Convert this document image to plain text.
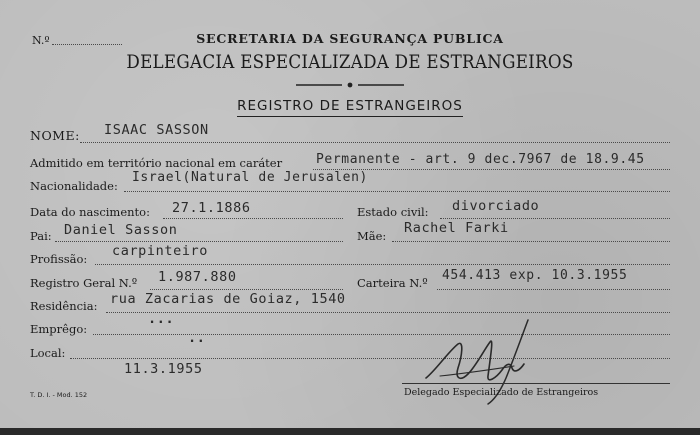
N.º	SECRETARIA DA SEGURANÇA PUBLICA
DELEGACIA ESPECIALIZADA DE ESTRANGEIROS
REGISTRO DE ESTRANGEIROS
NOME: ISAAC SASSON
Admitido em território nacional em caráter	Permanente - art. 9 dec.7967 de 18.9.45
Nacionalidade:
Israel(Natural de Jerusalen)
Data do nascimento: 27.1.1886	Estado civil: divorciado
Pai: Daniel Sasson	Mãe: Rachel Farki
Profissão: carpinteiro
Registro Geral N.º 1.987.880	Carteira N.º 454.413 exp. 10.3.1955
Residência: rua Zacarias de Goiaz, 1540
Emprêgo:
...
..
Local:
11.3.1955
T. D. I. - Mod. 152	Delegado Especializado de Estrangeiros
